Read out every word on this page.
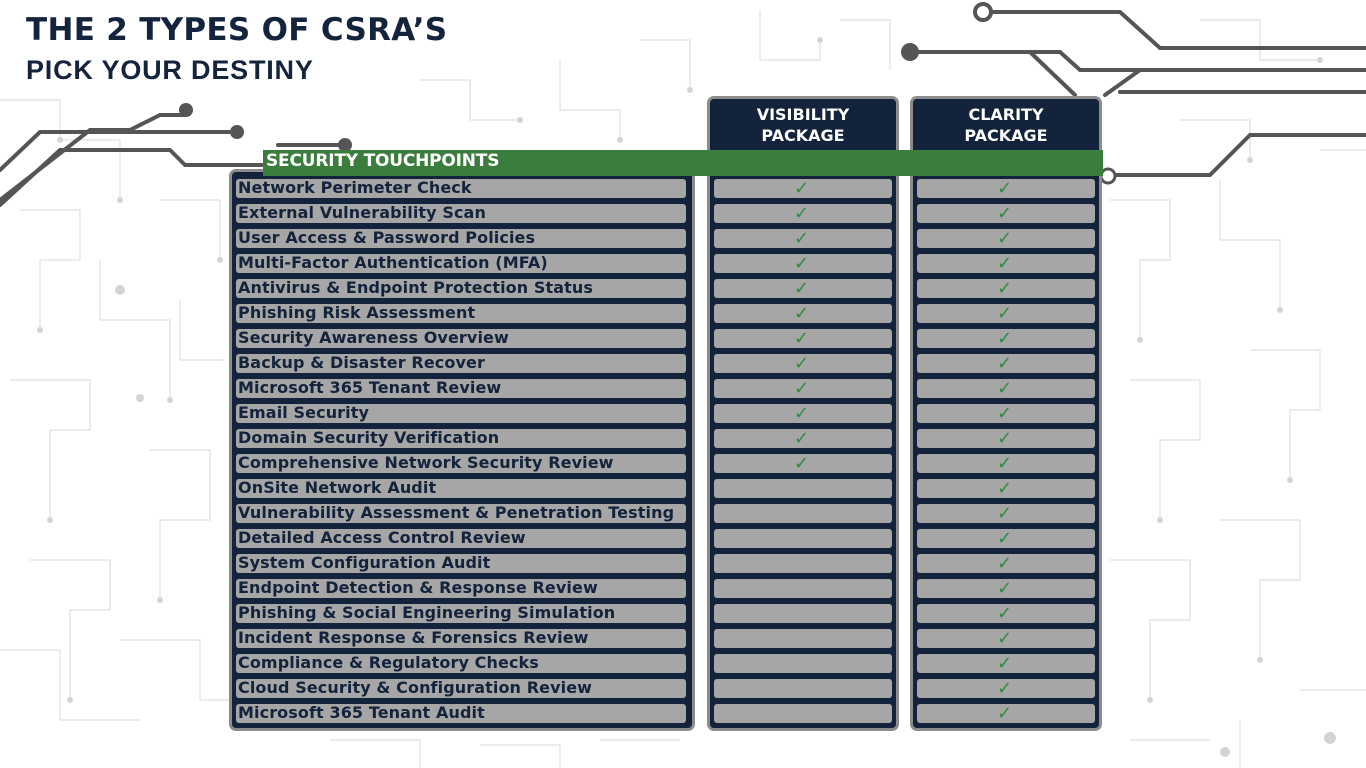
THE 2 TYPES OF CSRA’S
PICK YOUR DESTINY
VISIBILITY
PACKAGE
CLARITY
PACKAGE
SECURITY TOUCHPOINTS
Network Perimeter Check
External Vulnerability Scan
User Access & Password Policies
Multi-Factor Authentication (MFA)
Antivirus & Endpoint Protection Status
Phishing Risk Assessment
Security Awareness Overview
Backup & Disaster Recover
Microsoft 365 Tenant Review
Email Security
Domain Security Verification
Comprehensive Network Security Review
OnSite Network Audit
Vulnerability Assessment & Penetration Testing
Detailed Access Control Review
System Configuration Audit
Endpoint Detection & Response Review
Phishing & Social Engineering Simulation
Incident Response & Forensics Review
Compliance & Regulatory Checks
Cloud Security & Configuration Review
Microsoft 365 Tenant Audit
✓
✓
✓
✓
✓
✓
✓
✓
✓
✓
✓
✓
✓
✓
✓
✓
✓
✓
✓
✓
✓
✓
✓
✓
✓
✓
✓
✓
✓
✓
✓
✓
✓
✓
